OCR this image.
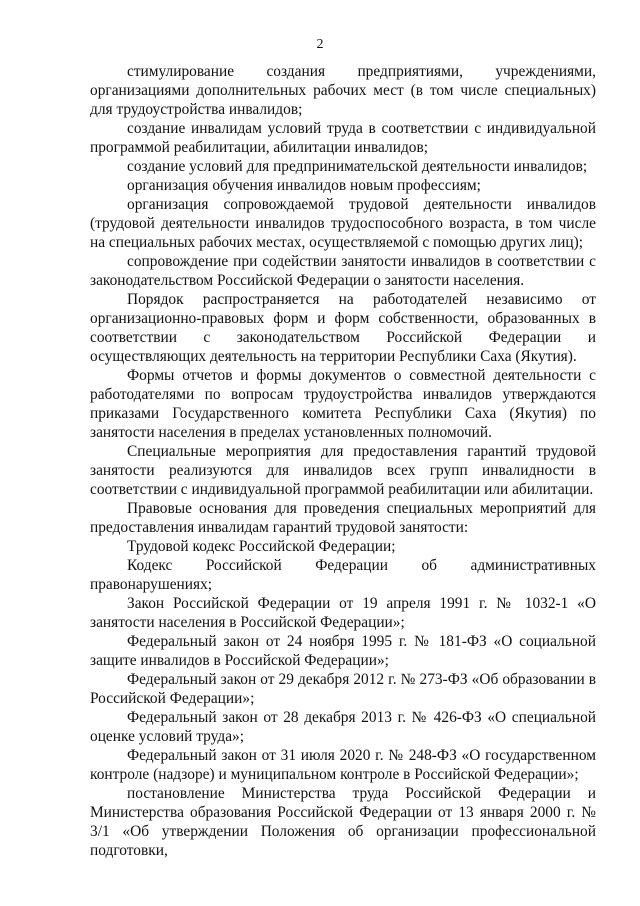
2

стимулирование создания предприятиями, учреждениями, организациями дополнительных рабочих мест (в том числе специальных) для трудоустройства инвалидов;

создание инвалидам условий труда в соответствии с индивидуальной программой реабилитации, абилитации инвалидов;

создание условий для предпринимательской деятельности инвалидов;

организация обучения инвалидов новым профессиям;

организация сопровождаемой трудовой деятельности инвалидов (трудовой деятельности инвалидов трудоспособного возраста, в том числе на специальных рабочих местах, осуществляемой с помощью других лиц);

сопровождение при содействии занятости инвалидов в соответствии с законодательством Российской Федерации о занятости населения.

Порядок распространяется на работодателей независимо от организационно-правовых форм и форм собственности, образованных в соответствии с законодательством Российской Федерации и осуществляющих деятельность на территории Республики Саха (Якутия).

Формы отчетов и формы документов о совместной деятельности с работодателями по вопросам трудоустройства инвалидов утверждаются приказами Государственного комитета Республики Саха (Якутия) по занятости населения в пределах установленных полномочий.

Специальные мероприятия для предоставления гарантий трудовой занятости реализуются для инвалидов всех групп инвалидности в соответствии с индивидуальной программой реабилитации или абилитации.

Правовые основания для проведения специальных мероприятий для предоставления инвалидам гарантий трудовой занятости:

Трудовой кодекс Российской Федерации;

Кодекс Российской Федерации об административных правонарушениях;

Закон Российской Федерации от 19 апреля 1991 г. № 1032-1 «О занятости населения в Российской Федерации»;

Федеральный закон от 24 ноября 1995 г. № 181-ФЗ «О социальной защите инвалидов в Российской Федерации»;

Федеральный закон от 29 декабря 2012 г. № 273-ФЗ «Об образовании в Российской Федерации»;

Федеральный закон от 28 декабря 2013 г. № 426-ФЗ «О специальной оценке условий труда»;

Федеральный закон от 31 июля 2020 г. № 248-ФЗ «О государственном контроле (надзоре) и муниципальном контроле в Российской Федерации»;

постановление Министерства труда Российской Федерации и Министерства образования Российской Федерации от 13 января 2000 г. № 3/1 «Об утверждении Положения об организации профессиональной подготовки,
